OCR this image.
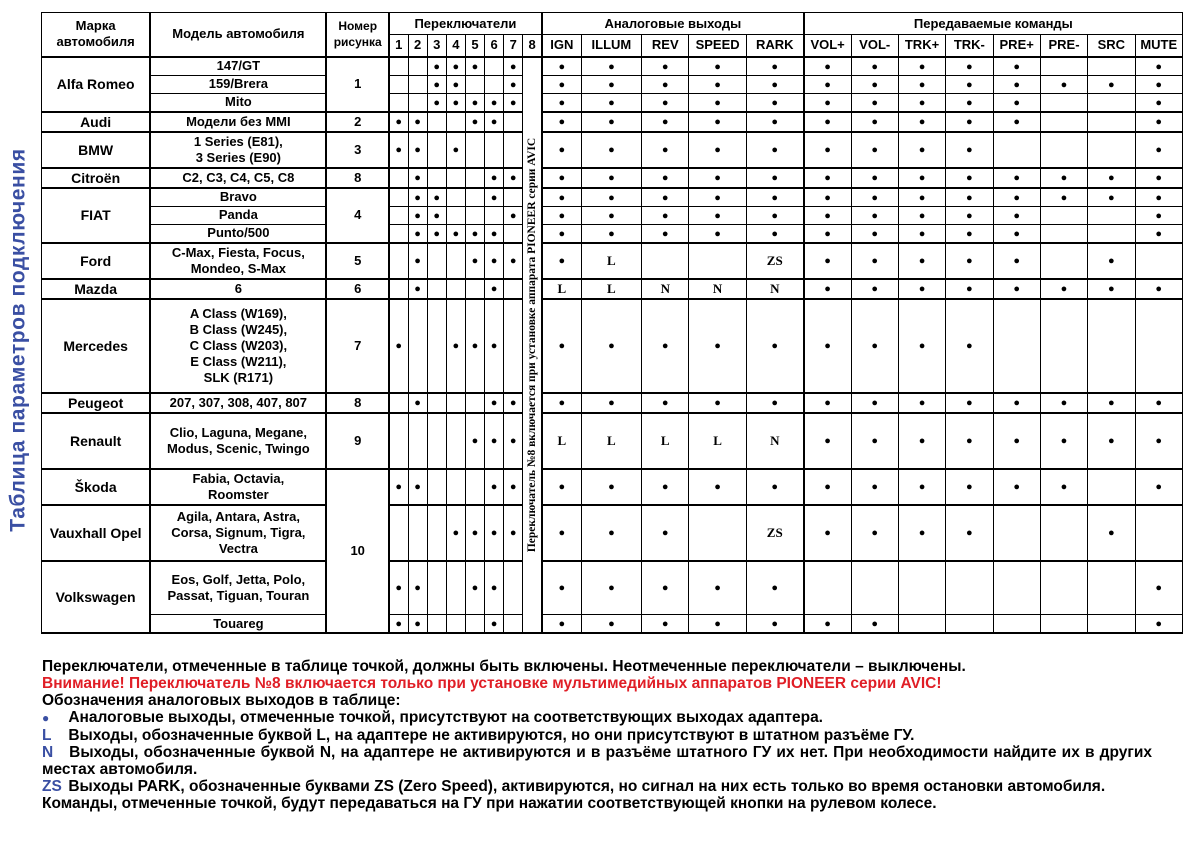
Таблица параметров подключения
Марка автомобиля	Модель автомобиля	Номер рисунка	Переключатели								Аналоговые выходы					Передаваемые команды							
			1	2	3	4	5	6	7	8	IGN	ILLUM	REV	SPEED	RARK	VOL+	VOL-	TRK+	TRK-	PRE+	PRE-	SRC	MUTE
Alfa Romeo	147/GT	1			●	●	●		●	Переключатель №8 включается при установке аппарата PIONEER серии AVIC	●	●	●	●	●	●	●	●	●	●			●
	159/Brera				●	●			●		●	●	●	●	●	●	●	●	●	●	●	●	●
	Mito				●	●	●	●	●		●	●	●	●	●	●	●	●	●	●			●
Audi	Модели без MMI	2	●	●			●	●			●	●	●	●	●	●	●	●	●	●			●
BMW	1 Series (E81),
3 Series (E90)	3	●	●		●					●	●	●	●	●	●	●	●	●				●
Citroën	C2, C3, C4, C5, C8	8		●				●	●		●	●	●	●	●	●	●	●	●	●	●	●	●
FIAT	Bravo	4		●	●			●			●	●	●	●	●	●	●	●	●	●	●	●	●
	Panda			●	●				●		●	●	●	●	●	●	●	●	●	●			●
	Punto/500			●	●	●	●	●			●	●	●	●	●	●	●	●	●	●			●
Ford	C-Max, Fiesta, Focus,
Mondeo, S-Max	5		●			●	●	●		●	L			ZS	●	●	●	●	●		●	
Mazda	6	6		●				●			L	L	N	N	N	●	●	●	●	●	●	●	●
Mercedes	A Class (W169),
B Class (W245),
C Class (W203),
E Class (W211),
SLK (R171)	7	●			●	●	●			●	●	●	●	●	●	●	●	●				
Peugeot	207, 307, 308, 407, 807	8		●				●	●		●	●	●	●	●	●	●	●	●	●	●	●	●
Renault	Clio, Laguna, Megane,
Modus, Scenic, Twingo	9					●	●	●		L	L	L	L	N	●	●	●	●	●	●	●	●
Škoda	Fabia, Octavia,
Roomster	10	●	●				●	●		●	●	●	●	●	●	●	●	●	●	●		●
Vauxhall Opel	Agila, Antara, Astra,
Corsa, Signum, Tigra,
Vectra					●	●	●	●		●	●	●		ZS	●	●	●	●			●	
Volkswagen	Eos, Golf, Jetta, Polo,
Passat, Tiguan, Touran		●	●			●	●			●	●	●	●	●								●
	Touareg		●	●				●			●	●	●	●	●	●	●						●

Переключатели, отмеченные в таблице точкой, должны быть включены. Неотмеченные переключатели – выключены.

Внимание! Переключатель №8 включается только при установке мультимедийных аппаратов PIONEER серии AVIC!

Обозначения аналоговых выходов в таблице:

● Аналоговые выходы, отмеченные точкой, присутствуют на соответствующих выходах адаптера.

L Выходы, обозначенные буквой L, на адаптере не активируются, но они присутствуют в штатном разъёме ГУ.

N Выходы, обозначенные буквой N, на адаптере не активируются и в разъёме штатного ГУ их нет. При необходимости найдите их в других местах автомобиля.

ZS Выходы PARK, обозначенные буквами ZS (Zero Speed), активируются, но сигнал на них есть только во время остановки автомобиля.

Команды, отмеченные точкой, будут передаваться на ГУ при нажатии соответствующей кнопки на рулевом колесе.
